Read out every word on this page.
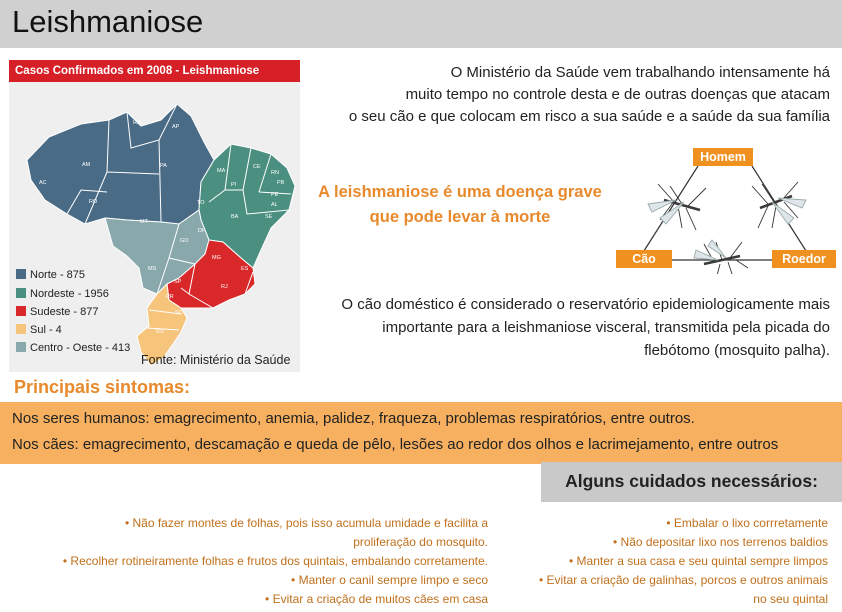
Leishmaniose
Casos Confirmados em 2008 - Leishmaniose
RR
AP
AM	PA
AC
RO
MA
CE
RN
PB
PE
AL
SE
PI
TO
BA
MT
GO
DF
MG
ES
MS
SP
RJ
PR
SC
RS
Norte - 875
Nordeste - 1956
Sudeste - 877
Sul - 4
Centro - Oeste - 413
Fonte: Ministério da Saúde
O Ministério da Saúde vem trabalhando intensamente há
muito tempo no controle desta e de outras doenças que atacam
o seu cão e que colocam em risco a sua saúde e a saúde da sua família
A leishmaniose é uma doença grave
que pode levar à morte
Homem
Cão	Roedor
O cão doméstico é considerado o reservatório epidemiologicamente mais
importante para a leishmaniose visceral, transmitida pela picada do
flebótomo (mosquito palha).
Principais sintomas:
Nos seres humanos: emagrecimento, anemia, palidez, fraqueza, problemas respiratórios, entre outros.
Nos cães: emagrecimento, descamação e queda de pêlo, lesões ao redor dos olhos e lacrimejamento, entre outros
Alguns cuidados necessários:
• Não fazer montes de folhas, pois isso acumula umidade e facilita a
proliferação do mosquito.
• Recolher rotineiramente folhas e frutos dos quintais, embalando corretamente.
• Manter o canil sempre limpo e seco
• Evitar a criação de muitos cães em casa
• Embalar o lixo corrretamente
• Não depositar lixo nos terrenos baldios
• Manter a sua casa e seu quintal sempre limpos
• Evitar a criação de galinhas, porcos e outros animais
no seu quintal
